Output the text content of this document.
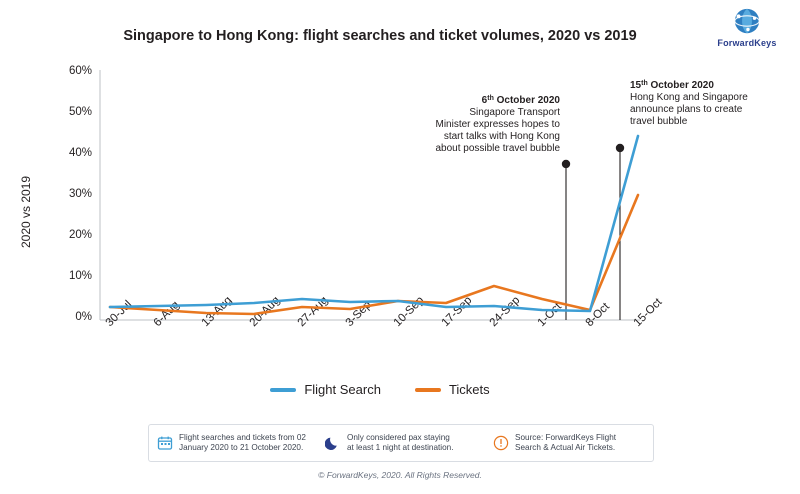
ForwardKeys
Singapore to Hong Kong: flight searches and ticket volumes, 2020 vs 2019
2020 vs 2019
60%
50%
40%
30%
20%
10%
0% 30-Jul 6-Aug 13-Aug 20-Aug 27-Aug 3-Sep 10-Sep 17-Sep 24-Sep 1-Oct 8-Oct 15-Oct
6th October 2020
Singapore Transport
Minister expresses hopes to
start talks with Hong Kong
about possible travel bubble
15th October 2020
Hong Kong and Singapore
announce plans to create
travel bubble
Flight Search	Tickets
Flight searches and tickets from 02
January 2020 to 21 October 2020.
Only considered pax staying
at least 1 night at destination.
Source: ForwardKeys Flight
Search & Actual Air Tickets.
© ForwardKeys, 2020. All Rights Reserved.
